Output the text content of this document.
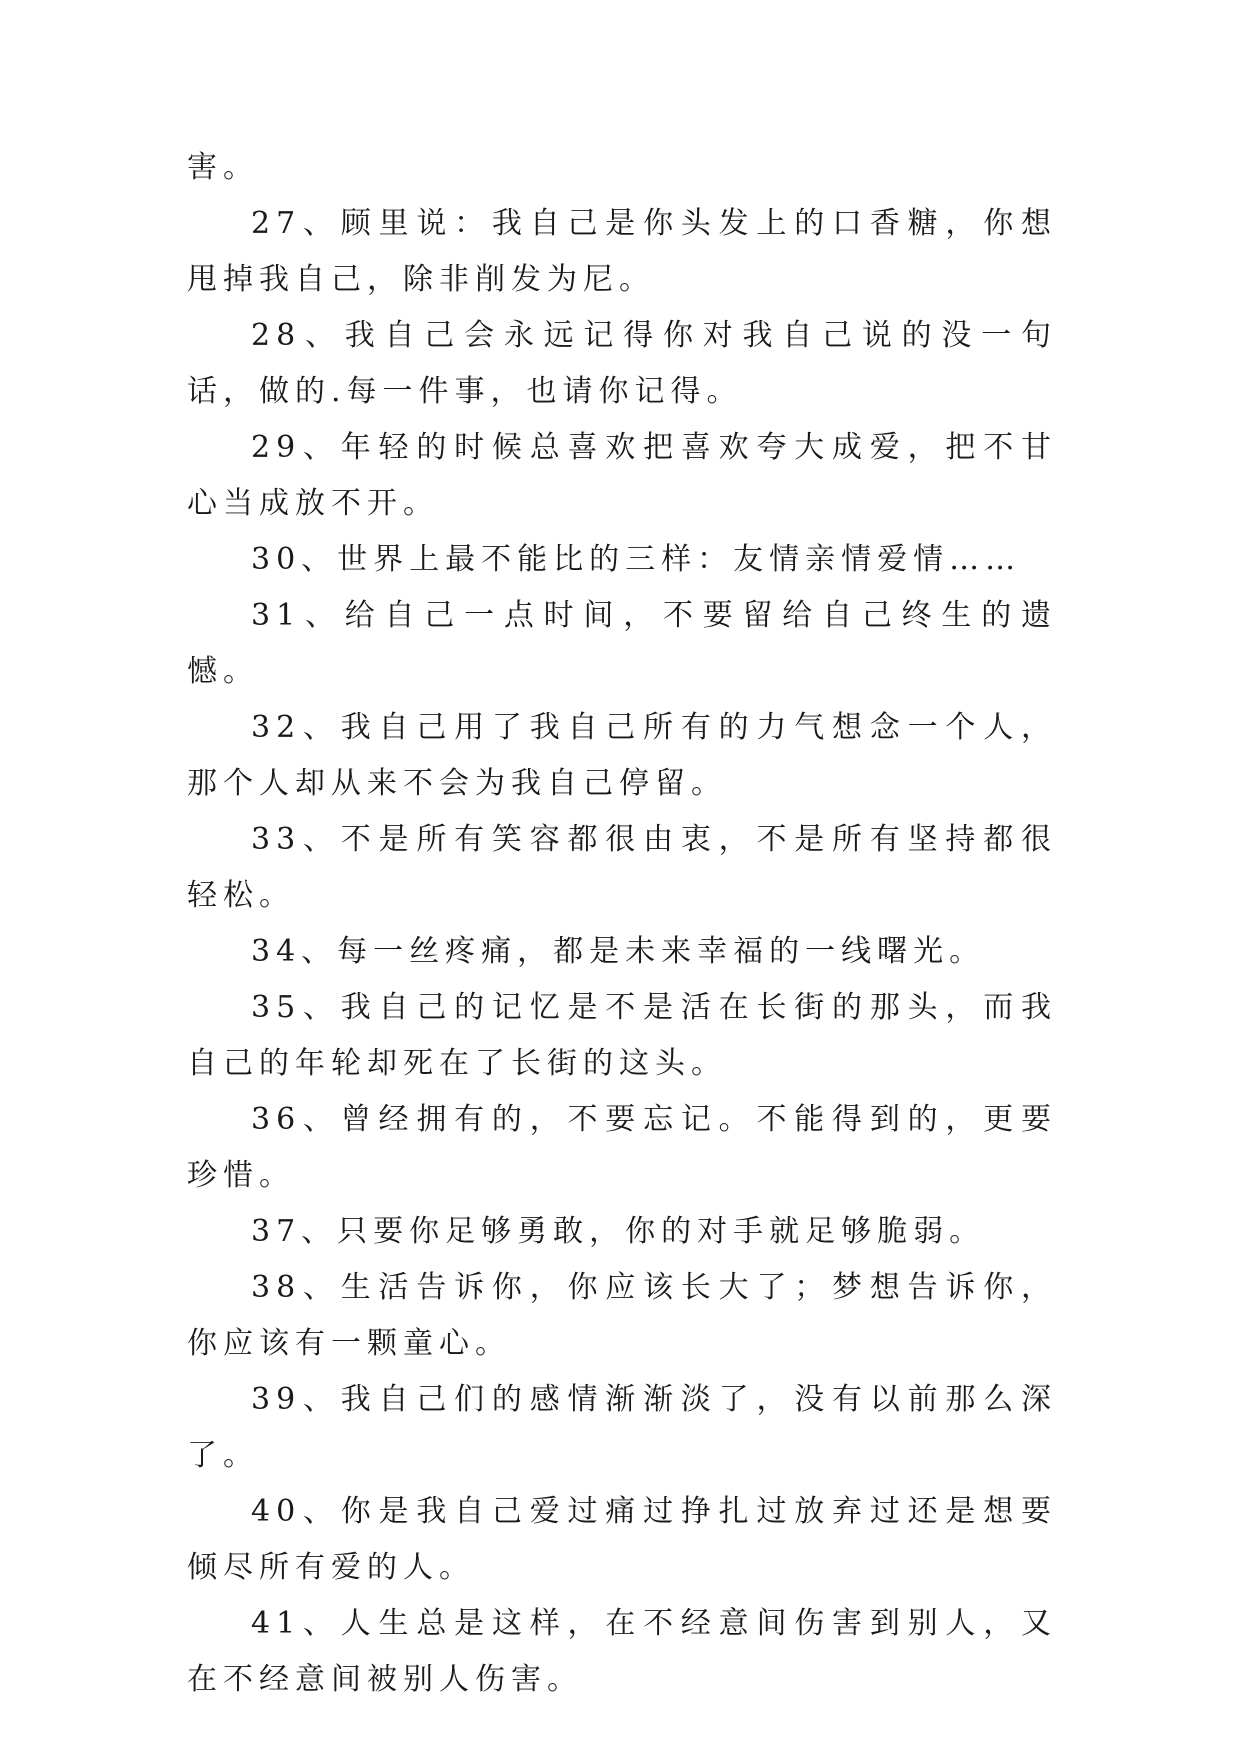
害。

27、顾里说：我自己是你头发上的口香糖，你想甩掉我自己，除非削发为尼。

28、我自己会永远记得你对我自己说的没一句话，做的.每一件事，也请你记得。

29、年轻的时候总喜欢把喜欢夸大成爱，把不甘心当成放不开。

30、世界上最不能比的三样：友情亲情爱情……

31、给自己一点时间，不要留给自己终生的遗憾。

32、我自己用了我自己所有的力气想念一个人，那个人却从来不会为我自己停留。

33、不是所有笑容都很由衷，不是所有坚持都很轻松。

34、每一丝疼痛，都是未来幸福的一线曙光。

35、我自己的记忆是不是活在长街的那头，而我自己的年轮却死在了长街的这头。

36、曾经拥有的，不要忘记。不能得到的，更要珍惜。

37、只要你足够勇敢，你的对手就足够脆弱。

38、生活告诉你，你应该长大了；梦想告诉你，你应该有一颗童心。

39、我自己们的感情渐渐淡了，没有以前那么深了。

40、你是我自己爱过痛过挣扎过放弃过还是想要倾尽所有爱的人。

41、人生总是这样，在不经意间伤害到别人，又在不经意间被别人伤害。
